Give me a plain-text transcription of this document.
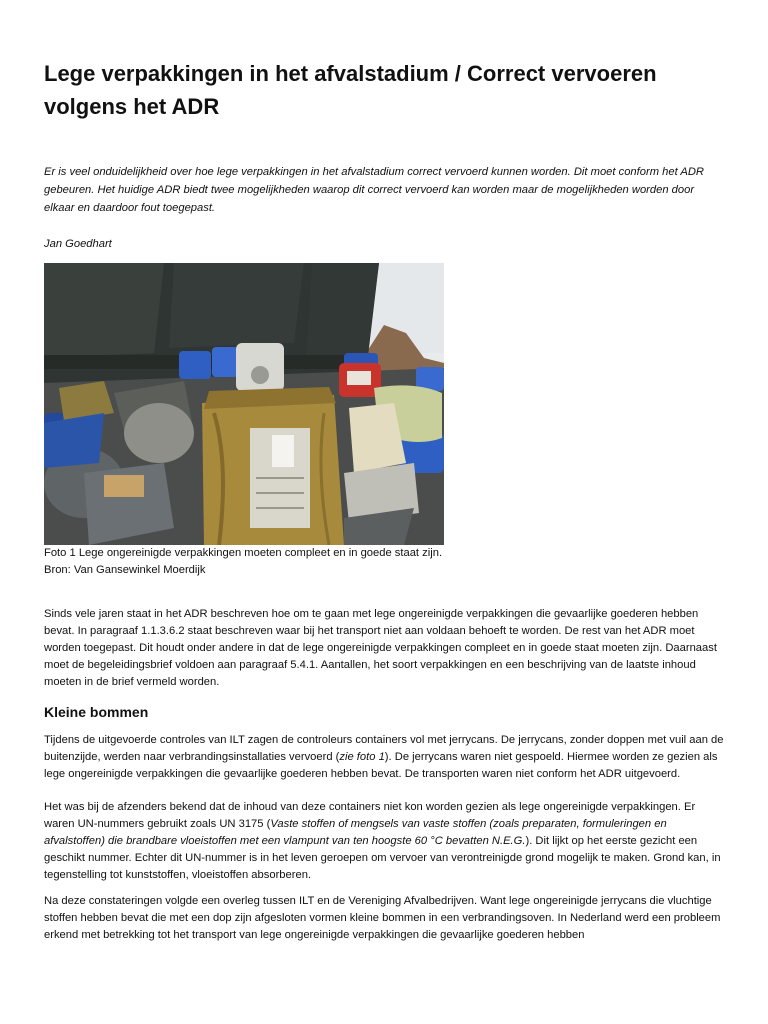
Lege verpakkingen in het afvalstadium / Correct vervoeren
volgens het ADR

Er is veel onduidelijkheid over hoe lege verpakkingen in het afvalstadium correct vervoerd kunnen worden. Dit moet conform het ADR gebeuren. Het huidige ADR biedt twee mogelijkheden waarop dit correct vervoerd kan worden maar de mogelijkheden worden door elkaar en daardoor fout toegepast.

Jan Goedhart

Foto 1 Lege ongereinigde verpakkingen moeten compleet en in goede staat zijn.
Bron: Van Gansewinkel Moerdijk

Sinds vele jaren staat in het ADR beschreven hoe om te gaan met lege ongereinigde verpakkingen die gevaarlijke goederen hebben bevat. In paragraaf 1.1.3.6.2 staat beschreven waar bij het transport niet aan voldaan behoeft te worden. De rest van het ADR moet worden toegepast. Dit houdt onder andere in dat de lege ongereinigde verpakkingen compleet en in goede staat moeten zijn. Daarnaast moet de begeleidingsbrief voldoen aan paragraaf 5.4.1. Aantallen, het soort verpakkingen en een beschrijving van de laatste inhoud moeten in de brief vermeld worden.

Kleine bommen

Tijdens de uitgevoerde controles van ILT zagen de controleurs containers vol met jerrycans. De jerrycans, zonder doppen met vuil aan de buitenzijde, werden naar verbrandingsinstallaties vervoerd (zie foto 1). De jerrycans waren niet gespoeld. Hiermee worden ze gezien als lege ongereinigde verpakkingen die gevaarlijke goederen hebben bevat. De transporten waren niet conform het ADR uitgevoerd.

Het was bij de afzenders bekend dat de inhoud van deze containers niet kon worden gezien als lege ongereinigde verpakkingen. Er waren UN-nummers gebruikt zoals UN 3175 (Vaste stoffen of mengsels van vaste stoffen (zoals preparaten, formuleringen en afvalstoffen) die brandbare vloeistoffen met een vlampunt van ten hoogste 60 °C bevatten N.E.G.). Dit lijkt op het eerste gezicht een geschikt nummer. Echter dit UN-nummer is in het leven geroepen om vervoer van verontreinigde grond mogelijk te maken. Grond kan, in tegenstelling tot kunststoffen, vloeistoffen absorberen.

Na deze constateringen volgde een overleg tussen ILT en de Vereniging Afvalbedrijven. Want lege ongereinigde jerrycans die vluchtige stoffen hebben bevat die met een dop zijn afgesloten vormen kleine bommen in een verbrandingsoven. In Nederland werd een probleem erkend met betrekking tot het transport van lege ongereinigde verpakkingen die gevaarlijke goederen hebben
